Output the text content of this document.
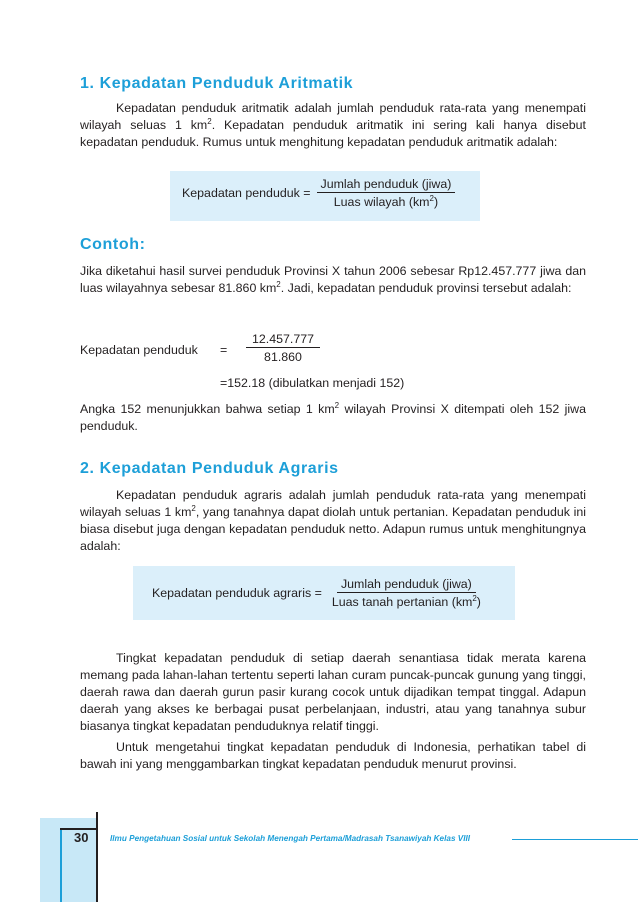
1. Kepadatan Penduduk Aritmatik

Kepadatan penduduk aritmatik adalah jumlah penduduk rata-rata yang menempati wilayah seluas 1 $km^2$. Kepadatan penduduk aritmatik ini sering kali hanya disebut kepadatan penduduk. Rumus untuk menghitung kepadatan penduduk aritmatik adalah:

Kepadatan penduduk = $\frac{\text{Jumlah penduduk (jiwa)}}{Luas wilayah (km^2)}$
Contoh:

Jika diketahui hasil survei penduduk Provinsi X tahun 2006 sebesar Rp12.457.777 jiwa dan luas wilayahnya sebesar 81.860 $km^2$. Jadi, kepadatan penduduk provinsi tersebut adalah:

Kepadatan penduduk = $\frac{12.457.777}{81.860}$
=152.18 (dibulatkan menjadi 152)

Angka 152 menunjukkan bahwa setiap 1 $km^2$ wilayah Provinsi X ditempati oleh 152 jiwa penduduk.

2. Kepadatan Penduduk Agraris

Kepadatan penduduk agraris adalah jumlah penduduk rata-rata yang menempati wilayah seluas 1 $km^2$, yang tanahnya dapat diolah untuk pertanian. Kepadatan penduduk ini biasa disebut juga dengan kepadatan penduduk netto. Adapun rumus untuk menghitungnya adalah:

Kepadatan penduduk agraris = $\frac{\text{Jumlah penduduk (jiwa)}}{Luas tanah pertanian (km^2)}$

Tingkat kepadatan penduduk di setiap daerah senantiasa tidak merata karena memang pada lahan-lahan tertentu seperti lahan curam puncak-puncak gunung yang tinggi, daerah rawa dan daerah gurun pasir kurang cocok untuk dijadikan tempat tinggal. Adapun daerah yang akses ke berbagai pusat perbelanjaan, industri, atau yang tanahnya subur biasanya tingkat kepadatan penduduknya relatif tinggi.

Untuk mengetahui tingkat kepadatan penduduk di Indonesia, perhatikan tabel di bawah ini yang menggambarkan tingkat kepadatan penduduk menurut provinsi.

30	Ilmu Pengetahuan Sosial untuk Sekolah Menengah Pertama/Madrasah Tsanawiyah Kelas VIII
